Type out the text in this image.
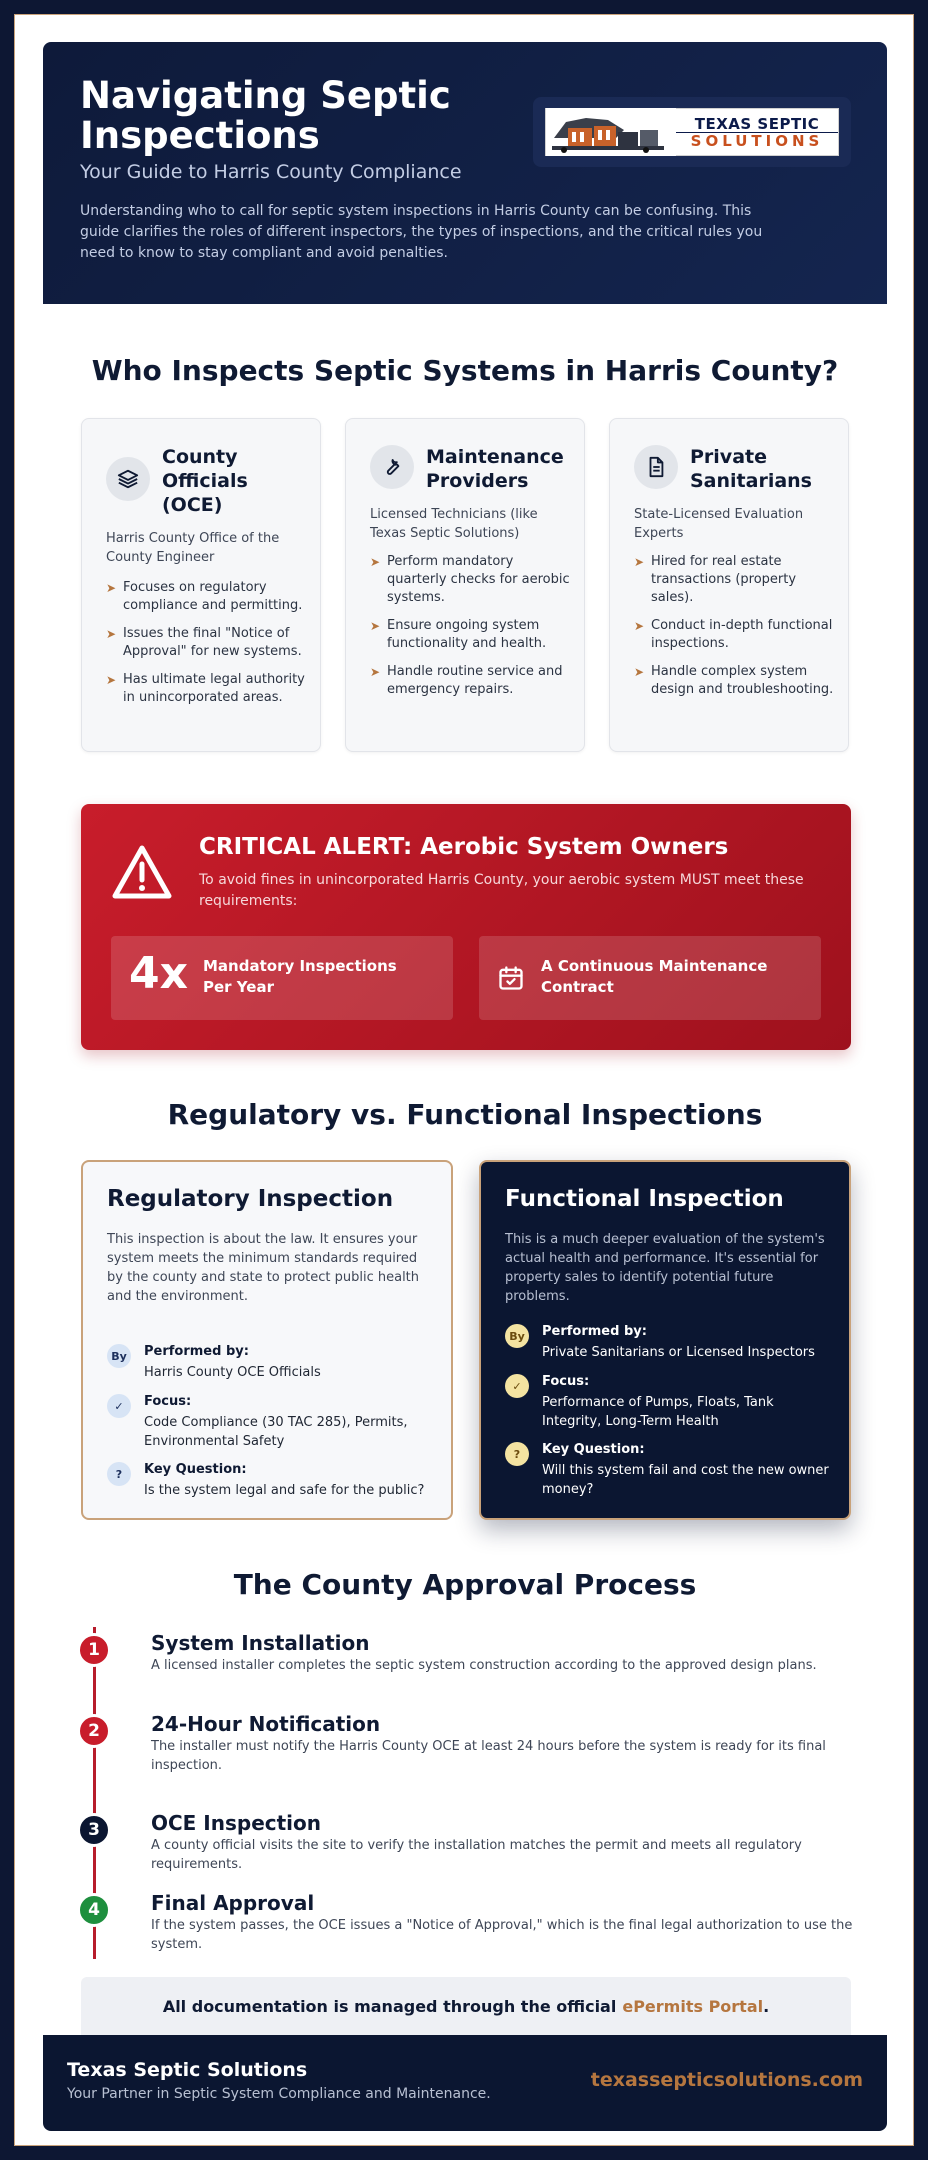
Navigating Septic Inspections
Your Guide to Harris County Compliance
Understanding who to call for septic system inspections in Harris County can be confusing. This guide clarifies the roles of different inspectors, the types of inspections, and the critical rules you need to know to stay compliant and avoid penalties.
TEXAS SEPTIC
SOLUTIONS
Who Inspects Septic Systems in Harris County?
County Officials (OCE)
Harris County Office of the County Engineer
➤ Focuses on regulatory compliance and permitting.
➤ Issues the final "Notice of Approval" for new systems.
➤ Has ultimate legal authority in unincorporated areas.
Maintenance Providers
Licensed Technicians (like Texas Septic Solutions)
➤ Perform mandatory quarterly checks for aerobic systems.
➤ Ensure ongoing system functionality and health.
➤ Handle routine service and emergency repairs.
Private Sanitarians
State-Licensed Evaluation Experts
➤ Hired for real estate transactions (property sales).
➤ Conduct in-depth functional inspections.
➤ Handle complex system design and troubleshooting.
CRITICAL ALERT: Aerobic System Owners
To avoid fines in unincorporated Harris County, your aerobic system MUST meet these requirements:
4x Mandatory Inspections Per Year
A Continuous Maintenance Contract
Regulatory vs. Functional Inspections
Regulatory Inspection
This inspection is about the law. It ensures your system meets the minimum standards required by the county and state to protect public health and the environment.
By	Performed by:
Harris County OCE Officials
✓	Focus:
Code Compliance (30 TAC 285), Permits, Environmental Safety
?	Key Question:
Is the system legal and safe for the public?
Functional Inspection
This is a much deeper evaluation of the system's actual health and performance. It's essential for property sales to identify potential future problems.
By	Performed by:
Private Sanitarians or Licensed Inspectors
✓	Focus:
Performance of Pumps, Floats, Tank Integrity, Long-Term Health
?	Key Question:
Will this system fail and cost the new owner money?
The County Approval Process
1	System Installation
A licensed installer completes the septic system construction according to the approved design plans.
2	24-Hour Notification
The installer must notify the Harris County OCE at least 24 hours before the system is ready for its final inspection.
3	OCE Inspection
A county official visits the site to verify the installation matches the permit and meets all regulatory requirements.
4	Final Approval
If the system passes, the OCE issues a "Notice of Approval," which is the final legal authorization to use the system.
All documentation is managed through the official ePermits Portal .
Texas Septic Solutions
Your Partner in Septic System Compliance and Maintenance.
texassepticsolutions.com
